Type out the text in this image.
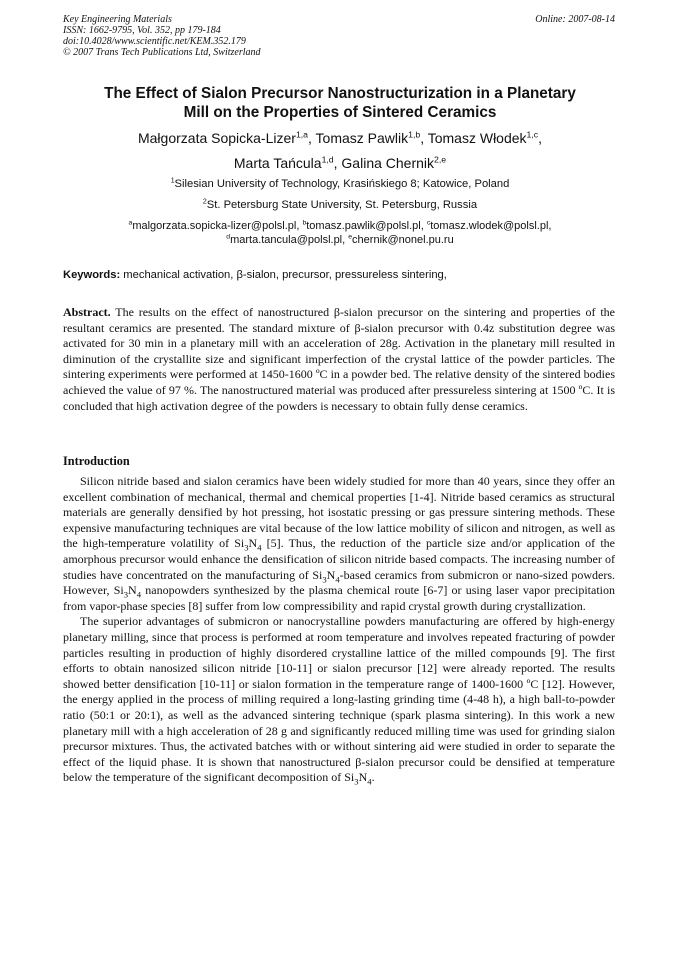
Key Engineering Materials
ISSN: 1662-9795, Vol. 352, pp 179-184
doi:10.4028/www.scientific.net/KEM.352.179
© 2007 Trans Tech Publications Ltd, Switzerland
Online: 2007-08-14
The Effect of Sialon Precursor Nanostructurization in a Planetary
Mill on the Properties of Sintered Ceramics
Małgorzata Sopicka-Lizer$^{1,a}$, Tomasz Pawlik$^{1,b}$, Tomasz Włodek$^{1,c}$,
Marta Tańcula$^{1,d}$, Galina Chernik$^{2,e}$
$^1$Silesian University of Technology, Krasińskiego 8; Katowice, Poland
$^2$St. Petersburg State University, St. Petersburg, Russia
$^a$malgorzata.sopicka-lizer@polsl.pl, $^b$tomasz.pawlik@polsl.pl, $^c$tomasz.wlodek@polsl.pl,
$^d$marta.tancula@polsl.pl, $^e$chernik@nonel.pu.ru
Keywords: mechanical activation, β-sialon, precursor, pressureless sintering,

Abstract. The results on the effect of nanostructured β-sialon precursor on the sintering and properties of the resultant ceramics are presented. The standard mixture of β-sialon precursor with 0.4z substitution degree was activated for 30 min in a planetary mill with an acceleration of 28g. Activation in the planetary mill resulted in diminution of the crystallite size and significant imperfection of the crystal lattice of the powder particles. The sintering experiments were performed at 1450-1600 ºC in a powder bed. The relative density of the sintered bodies achieved the value of 97 %. The nanostructured material was produced after pressureless sintering at 1500 ºC. It is concluded that high activation degree of the powders is necessary to obtain fully dense ceramics.

Introduction

Silicon nitride based and sialon ceramics have been widely studied for more than 40 years, since they offer an excellent combination of mechanical, thermal and chemical properties [1-4]. Nitride based ceramics as structural materials are generally densified by hot pressing, hot isostatic pressing or gas pressure sintering methods. These expensive manufacturing techniques are vital because of the low lattice mobility of silicon and nitrogen, as well as the high-temperature volatility of $Si_3N_4$ [5]. Thus, the reduction of the particle size and/or application of the amorphous precursor would enhance the densification of silicon nitride based compacts. The increasing number of studies have concentrated on the manufacturing of $Si_3N_4$-based ceramics from submicron or nano-sized powders. However, $Si_3N_4$ nanopowders synthesized by the plasma chemical route [6-7] or using laser vapor precipitation from vapor-phase species [8] suffer from low compressibility and rapid crystal growth during crystallization.

The superior advantages of submicron or nanocrystalline powders manufacturing are offered by high-energy planetary milling, since that process is performed at room temperature and involves repeated fracturing of powder particles resulting in production of highly disordered crystalline lattice of the milled compounds [9]. The first efforts to obtain nanosized silicon nitride [10-11] or sialon precursor [12] were already reported. The results showed better densification [10-11] or sialon formation in the temperature range of 1400-1600 ºC [12]. However, the energy applied in the process of milling required a long-lasting grinding time (4-48 h), a high ball-to-powder ratio (50:1 or 20:1), as well as the advanced sintering technique (spark plasma sintering). In this work a new planetary mill with a high acceleration of 28 g and significantly reduced milling time was used for grinding sialon precursor mixtures. Thus, the activated batches with or without sintering aid were studied in order to separate the effect of the liquid phase. It is shown that nanostructured β-sialon precursor could be densified at temperature below the temperature of the significant decomposition of $Si_3N_4$.
